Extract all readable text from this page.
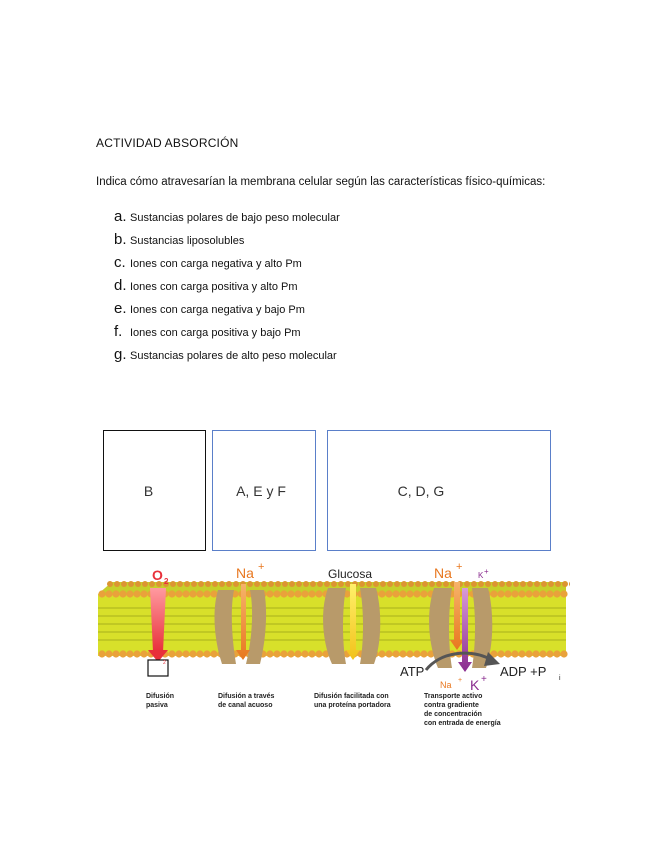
ACTIVIDAD ABSORCIÓN
Indica cómo atravesarían la membrana celular según las características físico-químicas:
a. Sustancias polares de bajo peso molecular
b. Sustancias liposolubles
c. Iones con carga negativa y alto Pm
d. Iones con carga positiva y alto Pm
e. Iones con carga negativa y bajo Pm
f. Iones con carga positiva y bajo Pm
g. Sustancias polares de alto peso molecular
B	A, E y F	C, D, G
O 2
Na +	Glucosa	Na +
K +
ATP	ADP +P i
Na + K +
2
Difusión pasiva
Difusión a través de canal acuoso
Difusión facilitada con una proteína portadora
Transporte activo contra gradiente de concentración con entrada de energía
